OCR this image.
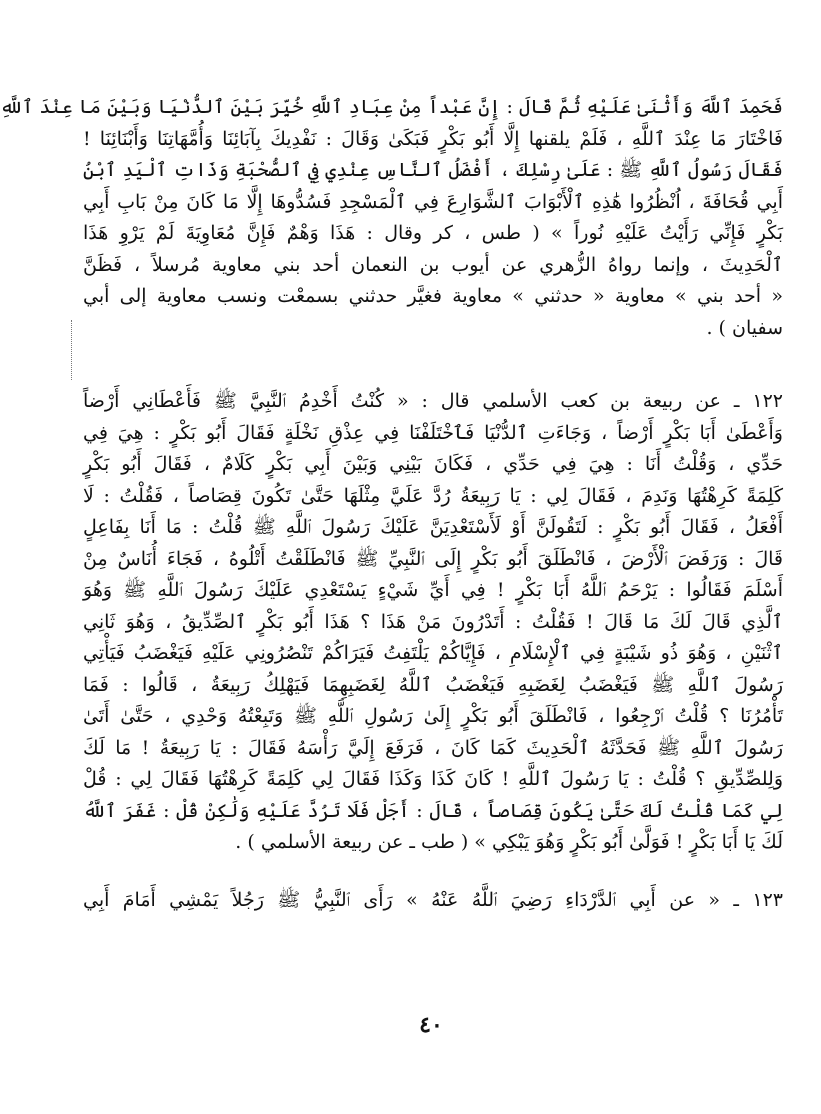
فَحَمِدَ ٱللَّهَ وَأَثْنَىٰ عَلَيْهِ ثُمَّ قَالَ : إِنَّ عَبْداً مِنْ عِبَادِ ٱللَّهِ خُيِّرَ بَيْنَ ٱلدُّنْيَا وَبَيْنَ مَا عِنْدَ ٱللَّهِ
فَاخْتَارَ مَا عِنْدَ ٱللَّهِ ، فَلَمْ يلقنها إِلَّا أَبُو بَكْرٍ فَبَكَىٰ وَقَالَ : نَفْدِيكَ بِآبَائِنَا وَأُمَّهَاتِنَا وَأَبْنَائِنَا !
فَقَالَ رَسُولُ ٱللَّهِ ﷺ : عَلَىٰ رِسْلِكَ ، أَفْضَلُ ٱلنَّاسِ عِنْدِي فِي ٱلصُّحْبَةِ وَذَاتِ ٱلْيَدِ ٱبْنُ
أَبِي قُحَافَةَ ، اُنْظُرُوا هَٰذِهِ ٱلْأَبْوَابَ ٱلشَّوَارِعَ فِي ٱلْمَسْجِدِ فَسُدُّوهَا إِلَّا مَا كَانَ مِنْ بَابِ أَبِي
بَكْرٍ فَإِنِّي رَأَيْتُ عَلَيْهِ نُوراً » ( طس ، كر وقال : هَذَا وَهْمٌ فَإِنَّ مُعَاوِيَةَ لَمْ يَرْوِ هَذَا
ٱلْحَدِيثَ ، وإنما رواهُ الزُّهري عن أيوب بن النعمان أحد بني معاوية مُرسلاً ، فَظَنَّ
« أحد بني » معاوية « حدثني » معاوية فغيَّر حدثني بسمعْت ونسب معاوية إلى أبي
سفيان ) .
١٢٢ ـ عن ربيعة بن كعب الأسلمي قال : « كُنْتُ أَخْدِمُ ٱلنَّبِيَّ ﷺ فَأَعْطَانِي أَرْضاً
وَأَعْطَىٰ أَبَا بَكْرٍ أَرْضاً ، وَجَاءَتِ ٱلدُّنْيَا فَٱخْتَلَفْنَا فِي عِذْقِ نَخْلَةٍ فَقَالَ أَبُو بَكْرٍ : هِيَ فِي
حَدِّي ، وَقُلْتُ أَنَا : هِيَ فِي حَدِّي ، فَكَانَ بَيْنِي وَبَيْنَ أَبِي بَكْرٍ كَلَامٌ ، فَقَالَ أَبُو بَكْرٍ
كَلِمَةً كَرِهْتُهَا وَنَدِمَ ، فَقَالَ لِي : يَا رَبِيعَةُ رُدَّ عَلَيَّ مِثْلَهَا حَتَّىٰ تَكُونَ قِصَاصاً ، فَقُلْتُ : لَا
أَفْعَلُ ، فَقَالَ أَبُو بَكْرٍ : لَتَقُولَنَّ أَوْ لَأَسْتَعْدِيَنَّ عَلَيْكَ رَسُولَ ٱللَّهِ ﷺ قُلْتُ : مَا أَنَا بِفَاعِلٍ
قَالَ : وَرَفَضَ ٱلْأَرْضَ ، فَانْطَلَقَ أَبُو بَكْرٍ إِلَى ٱلنَّبِيِّ ﷺ فَانْطَلَقْتُ أَتْلُوهُ ، فَجَاءَ أُنَاسٌ مِنْ
أَسْلَمَ فَقَالُوا : يَرْحَمُ ٱللَّهُ أَبَا بَكْرٍ ! فِي أَيِّ شَيْءٍ يَسْتَعْدِي عَلَيْكَ رَسُولَ ٱللَّهِ ﷺ وَهُوَ
ٱلَّذِي قَالَ لَكَ مَا قَالَ ! فَقُلْتُ : أَتَدْرُونَ مَنْ هَذَا ؟ هَذَا أَبُو بَكْرٍ ٱلصِّدِّيقُ ، وَهُوَ ثَانِي
ٱثْنَيْنِ ، وَهُوَ ذُو شَيْبَةٍ فِي ٱلْإِسْلَامِ ، فَإِيَّاكُمْ يَلْتَفِتُ فَيَرَاكُمْ تَنْصُرُونِي عَلَيْهِ فَيَغْضَبُ فَيَأْتِي
رَسُولَ ٱللَّهِ ﷺ فَيَغْضَبُ لِغَضَبِهِ فَيَغْضَبُ ٱللَّهُ لِغَضَبِهِمَا فَيَهْلِكُ رَبِيعَةُ ، قَالُوا : فَمَا
تَأْمُرُنَا ؟ قُلْتُ ٱرْجِعُوا ، فَانْطَلَقَ أَبُو بَكْرٍ إِلَىٰ رَسُولِ ٱللَّهِ ﷺ وَتَبِعْتُهُ وَحْدِي ، حَتَّىٰ أَتَىٰ
رَسُولَ ٱللَّهِ ﷺ فَحَدَّثَهُ ٱلْحَدِيثَ كَمَا كَانَ ، فَرَفَعَ إِلَيَّ رَأْسَهُ فَقَالَ : يَا رَبِيعَةُ ! مَا لَكَ
وَلِلصِّدِّيقِ ؟ قُلْتُ : يَا رَسُولَ ٱللَّهِ ! كَانَ كَذَا وَكَذَا فَقَالَ لِي كَلِمَةً كَرِهْتُهَا فَقَالَ لِي : قُلْ
لِي كَمَا قُلْتُ لَكَ حَتَّىٰ يَكُونَ قِصَاصاً ، قَالَ : أَجَلْ فَلَا تَرُدَّ عَلَيْهِ وَلَٰكِنْ قُلْ : غَفَرَ ٱللَّهُ
لَكَ يَا أَبَا بَكْرٍ ! فَوَلَّىٰ أَبُو بَكْرٍ وَهُوَ يَبْكِي » ( طب ـ عن ربيعة الأسلمي ) .
١٢٣ ـ « عن أَبِي ٱلدَّرْدَاءِ رَضِيَ ٱللَّهُ عَنْهُ » رَأَى ٱلنَّبِيُّ ﷺ رَجُلاً يَمْشِي أَمَامَ أَبِي
٤٠
